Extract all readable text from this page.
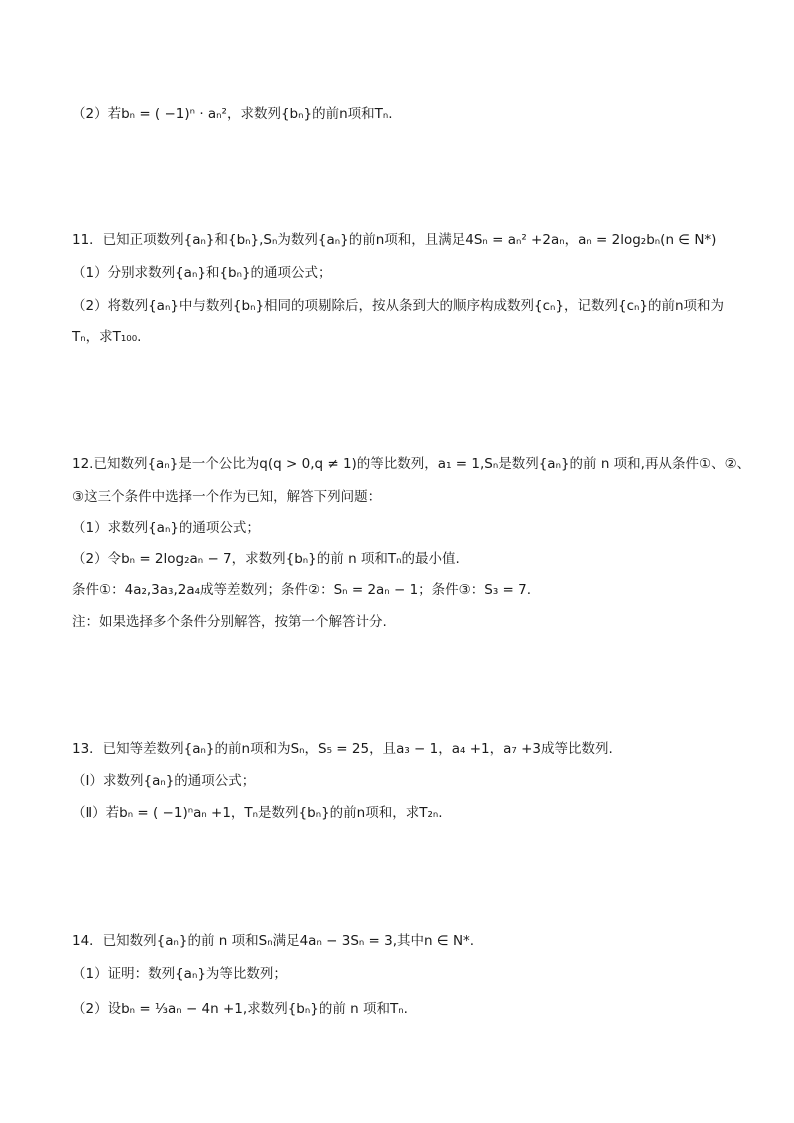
（2）若bₙ = ( −1)ⁿ · aₙ²，求数列{bₙ}的前n项和Tₙ.
11．已知正项数列{aₙ}和{bₙ},Sₙ为数列{aₙ}的前n项和，且满足4Sₙ = aₙ² +2aₙ，aₙ = 2log₂bₙ(n ∈ N*)
（1）分别求数列{aₙ}和{bₙ}的通项公式；
（2）将数列{aₙ}中与数列{bₙ}相同的项剔除后，按从条到大的顺序构成数列{cₙ}，记数列{cₙ}的前n项和为
Tₙ，求T₁₀₀.
12.已知数列{aₙ}是一个公比为q(q > 0,q ≠ 1)的等比数列，a₁ = 1,Sₙ是数列{aₙ}的前 n 项和,再从条件①、②、
③这三个条件中选择一个作为已知，解答下列问题：
（1）求数列{aₙ}的通项公式；
（2）令bₙ = 2log₂aₙ − 7，求数列{bₙ}的前 n 项和Tₙ的最小值.
条件①：4a₂,3a₃,2a₄成等差数列；条件②：Sₙ = 2aₙ − 1；条件③：S₃ = 7.
注：如果选择多个条件分别解答，按第一个解答计分.
13．已知等差数列{aₙ}的前n项和为Sₙ，S₅ = 25，且a₃ − 1，a₄ +1，a₇ +3成等比数列.
（Ⅰ）求数列{aₙ}的通项公式；
（Ⅱ）若bₙ = ( −1)ⁿaₙ +1，Tₙ是数列{bₙ}的前n项和，求T₂ₙ.
14．已知数列{aₙ}的前 n 项和Sₙ满足4aₙ − 3Sₙ = 3,其中n ∈ N*.
（1）证明：数列{aₙ}为等比数列；
（2）设bₙ = ⅓aₙ − 4n +1,求数列{bₙ}的前 n 项和Tₙ.
